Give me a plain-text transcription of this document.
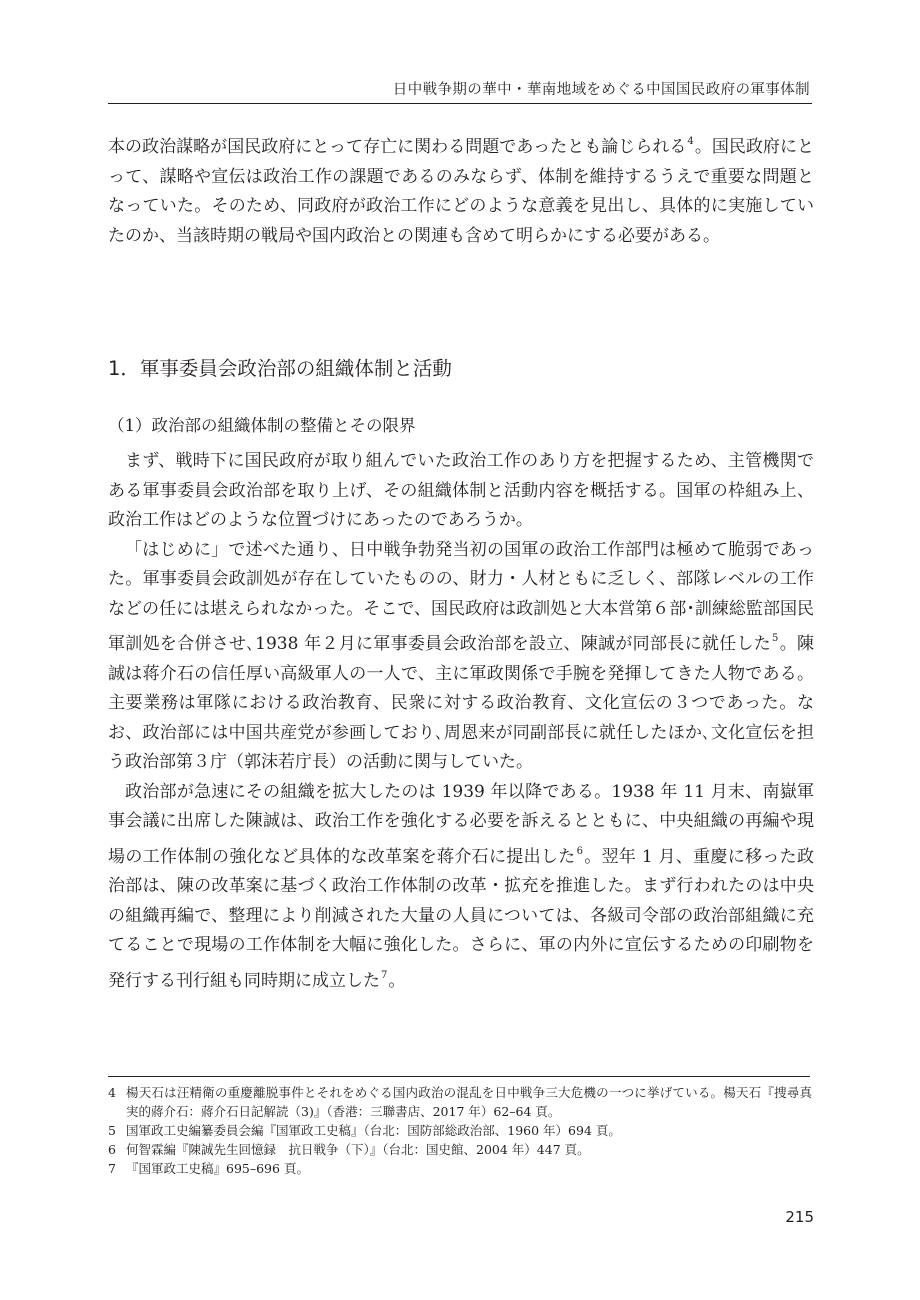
日中戦争期の華中・華南地域をめぐる中国国民政府の軍事体制

本の政治謀略が国民政府にとって存亡に関わる問題であったとも論じられる$^4$。国民政府にとって、謀略や宣伝は政治工作の課題であるのみならず、体制を維持するうえで重要な問題となっていた。そのため、同政府が政治工作にどのような意義を見出し、具体的に実施していたのか、当該時期の戦局や国内政治との関連も含めて明らかにする必要がある。

1．軍事委員会政治部の組織体制と活動
（1）政治部の組織体制の整備とその限界

まず、戦時下に国民政府が取り組んでいた政治工作のあり方を把握するため、主管機関である軍事委員会政治部を取り上げ、その組織体制と活動内容を概括する。国軍の枠組み上、政治工作はどのような位置づけにあったのであろうか。

「はじめに」で述べた通り、日中戦争勃発当初の国軍の政治工作部門は極めて脆弱であった。軍事委員会政訓処が存在していたものの、財力・人材ともに乏しく、部隊レベルの工作などの任には堪えられなかった。そこで、国民政府は政訓処と大本営第６部･訓練総監部国民軍訓処を合併させ､1938 年２月に軍事委員会政治部を設立、陳誠が同部長に就任した$^5$。陳誠は蒋介石の信任厚い高級軍人の一人で、主に軍政関係で手腕を発揮してきた人物である。主要業務は軍隊における政治教育、民衆に対する政治教育、文化宣伝の３つであった。なお、政治部には中国共産党が参画しており､周恩来が同副部長に就任したほか､文化宣伝を担う政治部第３庁（郭沫若庁長）の活動に関与していた。

政治部が急速にその組織を拡大したのは 1939 年以降である。1938 年 11 月末、南嶽軍事会議に出席した陳誠は、政治工作を強化する必要を訴えるとともに、中央組織の再編や現場の工作体制の強化など具体的な改革案を蒋介石に提出した$^6$。翌年 1 月、重慶に移った政治部は、陳の改革案に基づく政治工作体制の改革・拡充を推進した。まず行われたのは中央の組織再編で、整理により削減された大量の人員については、各級司令部の政治部組織に充てることで現場の工作体制を大幅に強化した。さらに、軍の内外に宣伝するための印刷物を発行する刊行組も同時期に成立した$^7$。

4 楊天石は汪精衛の重慶離脱事件とそれをめぐる国内政治の混乱を日中戦争三大危機の一つに挙げている。楊天石『捜尋真実的蔣介石：蔣介石日記解読（3)』（香港：三聯書店、2017 年）62–64 頁。
5 国軍政工史編纂委員会編『国軍政工史稿』（台北：国防部総政治部、1960 年）694 頁。
6 何智霖編『陳誠先生回憶録　抗日戦争（下）』（台北：国史館、2004 年）447 頁。
7 『国軍政工史稿』695–696 頁。
215
